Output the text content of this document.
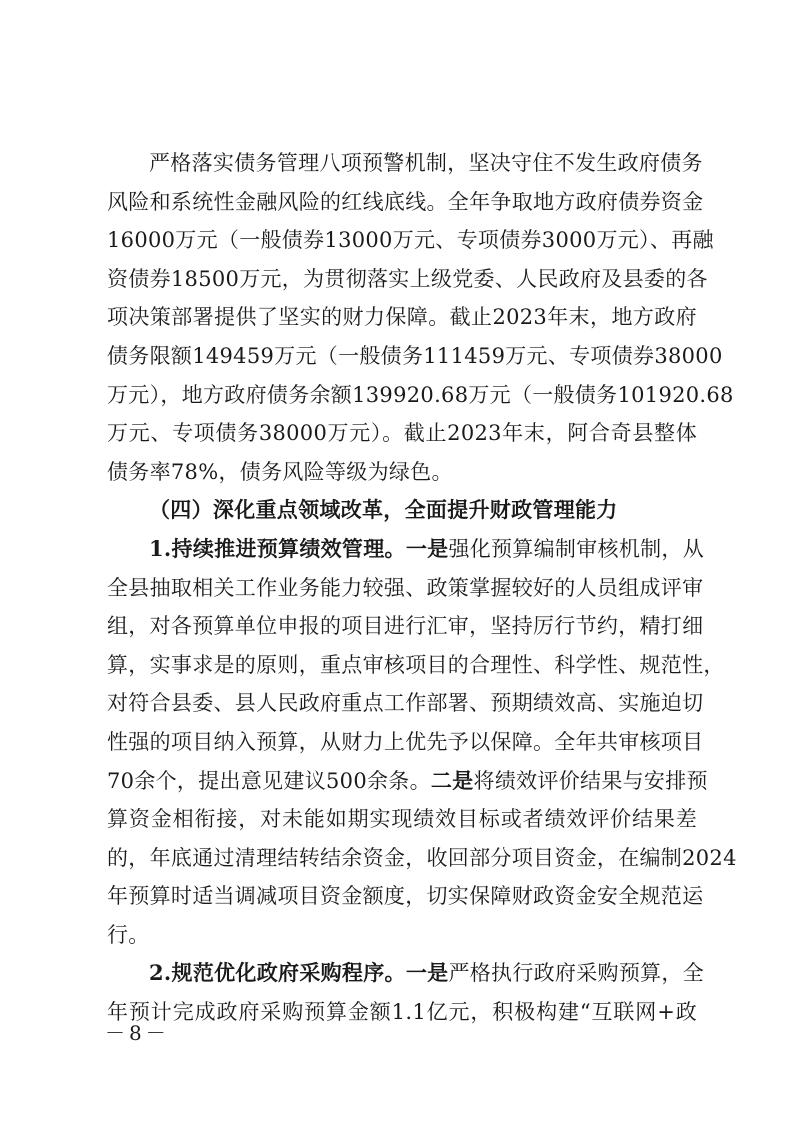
严格落实债务管理八项预警机制，坚决守住不发生政府债务
风险和系统性金融风险的红线底线。全年争取地方政府债券资金
16000万元（一般债券13000万元、专项债券3000万元）、再融
资债券18500万元，为贯彻落实上级党委、人民政府及县委的各
项决策部署提供了坚实的财力保障。截止2023年末，地方政府
债务限额149459万元（一般债务111459万元、专项债券38000
万元），地方政府债务余额139920.68万元（一般债务101920.68
万元、专项债务38000万元）。截止2023年末，阿合奇县整体
债务率78%，债务风险等级为绿色。
（四）深化重点领域改革，全面提升财政管理能力
1.持续推进预算绩效管理。一是强化预算编制审核机制，从
全县抽取相关工作业务能力较强、政策掌握较好的人员组成评审
组，对各预算单位申报的项目进行汇审，坚持厉行节约，精打细
算，实事求是的原则，重点审核项目的合理性、科学性、规范性，
对符合县委、县人民政府重点工作部署、预期绩效高、实施迫切
性强的项目纳入预算，从财力上优先予以保障。全年共审核项目
70余个，提出意见建议500余条。二是将绩效评价结果与安排预
算资金相衔接，对未能如期实现绩效目标或者绩效评价结果差
的，年底通过清理结转结余资金，收回部分项目资金，在编制2024
年预算时适当调减项目资金额度，切实保障财政资金安全规范运
行。
2.规范优化政府采购程序。一是严格执行政府采购预算，全
年预计完成政府采购预算金额1.1亿元，积极构建“互联网+政
－8－
